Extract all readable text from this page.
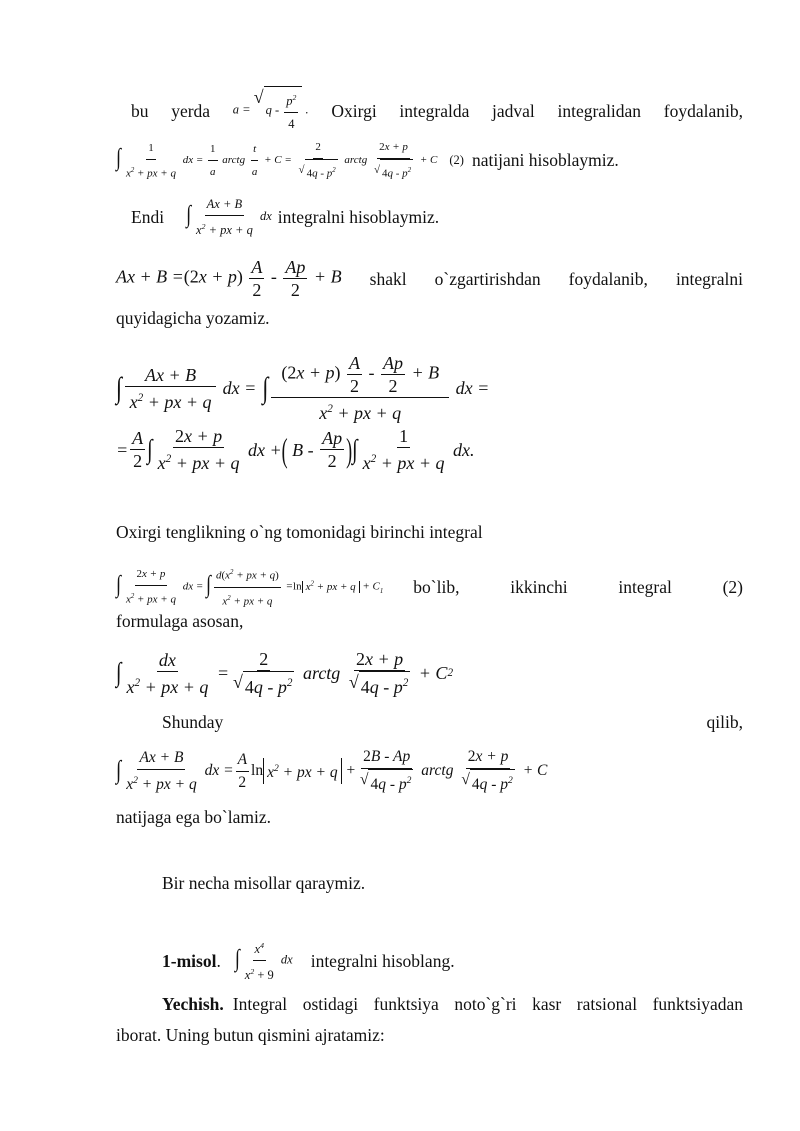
bu yerda a =
√
q - $\frac{p^2}{4}$ . Oxirgi integralda jadval integralidan foydalanib,
∫ $\frac{1}{x^2 + px + q}$ dx = $\frac{1}{a}$ arctg $\frac{t}{a} + C = \frac{2}{√ 4q - p^2}$ arctg $\frac{2x + p}{√ 4q - p^2} + C$ (2) natijani hisoblaymiz.
Endi ∫ $\frac{Ax + B}{x^2 + px + q}$ dx integralni hisoblaymiz.
$Ax + B =(2x + p) \frac{A}{2} - \frac{Ap}{2} + B$ shakl o`zgartirishdan foydalanib, integralni
quyidagicha yozamiz.
∫ $\frac{Ax + B}{x^2 + px + q}$ dx = ∫ $\frac{(2x + p) \frac{A}{2} - \frac{Ap}{2} + B}{x^2 + px + q}$ dx =
= $\frac{A}{2}$ ∫ $\frac{2x + p}{x^2 + px + q}$ dx + ( B - $\frac{Ap}{2}$ ) ∫ $\frac{1}{x^2 + px + q}$ dx.
Oxirgi tenglikning o`ng tomonidagi birinchi integral
∫ $\frac{2x + p}{x^2 + px + q}$ dx = ∫ $\frac{d(x^2 + px + q)}{x^2 + px + q} =\ln$ $x^2$ + px + $q + C_1$ bo`lib,	ikkinchi	integral	(2)
formulaga asosan,
∫ $\frac{dx}{x^2 + px + q} = \frac{2}{√ 4q - p^2}$ arctg $\frac{2x + p}{√ 4q - p^2} + C$ 2
Shunday	qilib,
∫ $\frac{Ax + B}{x^2 + px + q}$ dx = $\frac{A}{2}$ $\ln x^2$ + px + $q + \frac{2B - Ap}{√ 4q - p^2}$ arctg $\frac{2x + p}{√ 4q - p^2} + C$
natijaga ega bo`lamiz.
Bir necha misollar qaraymiz.
1-misol . ∫ $\frac{x^4}{x^2 + 9}$ dx integralni hisoblang.
Yechish. Integral ostidagi funktsiya noto`g`ri kasr ratsional funktsiyadan
iborat. Uning butun qismini ajratamiz:
